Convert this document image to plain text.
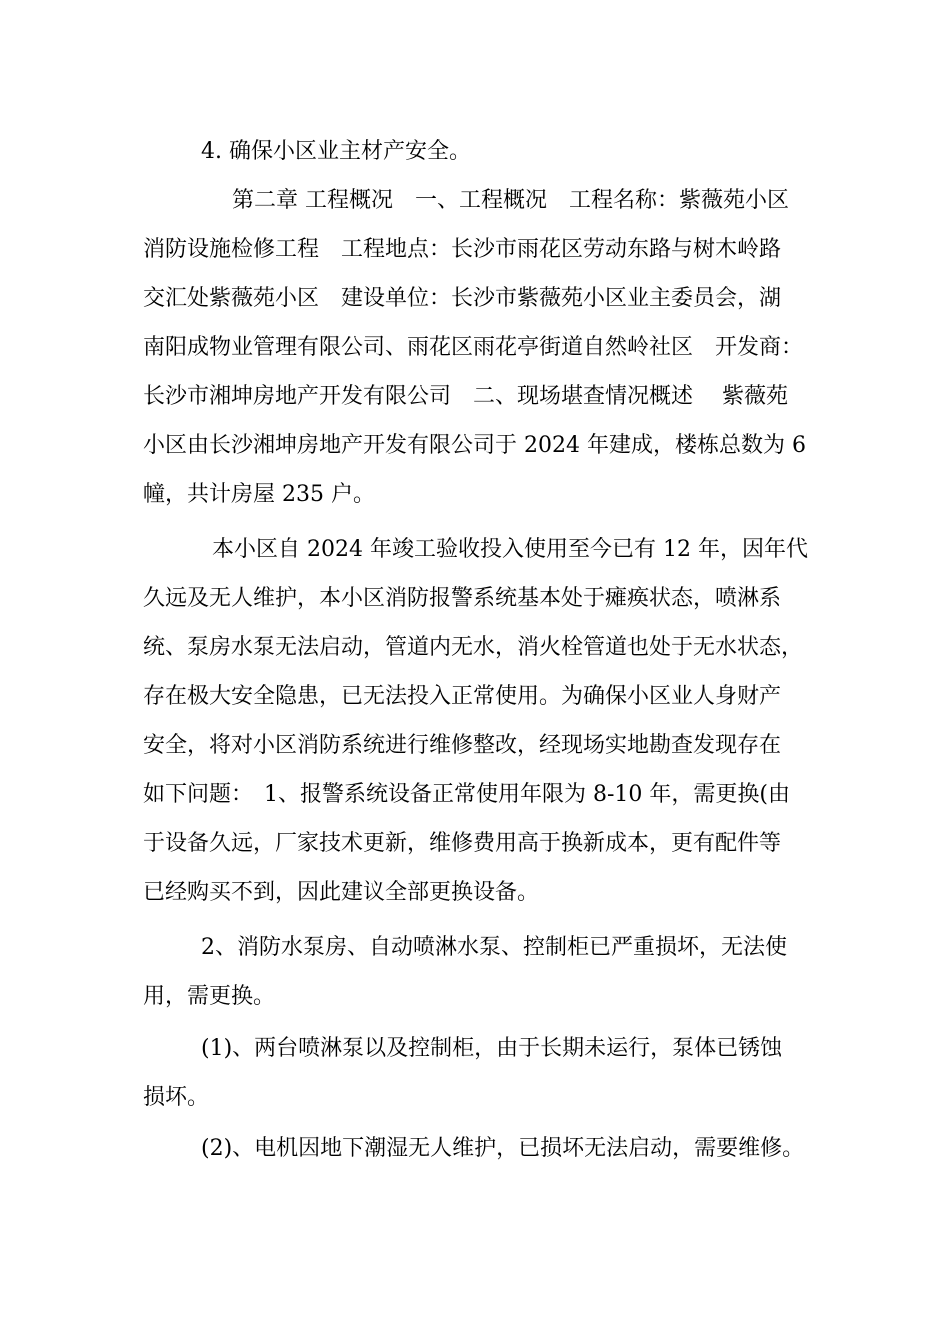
4. 确保小区业主材产安全。
第二章 工程概况　一、工程概况　工程名称：紫薇苑小区
消防设施检修工程　工程地点：长沙市雨花区劳动东路与树木岭路
交汇处紫薇苑小区　建设单位：长沙市紫薇苑小区业主委员会，湖
南阳成物业管理有限公司、雨花区雨花亭街道自然岭社区　开发商：
长沙市湘坤房地产开发有限公司　二、现场堪查情况概述　 紫薇苑
小区由长沙湘坤房地产开发有限公司于 2024 年建成，楼栋总数为 6
幢，共计房屋 235 户。
本小区自 2024 年竣工验收投入使用至今已有 12 年，因年代
久远及无人维护，本小区消防报警系统基本处于瘫痪状态，喷淋系
统、泵房水泵无法启动，管道内无水，消火栓管道也处于无水状态，
存在极大安全隐患，已无法投入正常使用。为确保小区业人身财产
安全，将对小区消防系统进行维修整改，经现场实地勘查发现存在
如下问题：　1、报警系统设备正常使用年限为 8-10 年，需更换(由
于设备久远，厂家技术更新，维修费用高于换新成本，更有配件等
已经购买不到，因此建议全部更换设备。
2、消防水泵房、自动喷淋水泵、控制柜已严重损坏，无法使
用，需更换。
(1)、两台喷淋泵以及控制柜，由于长期未运行，泵体已锈蚀
损坏。
(2)、电机因地下潮湿无人维护，已损坏无法启动，需要维修。
